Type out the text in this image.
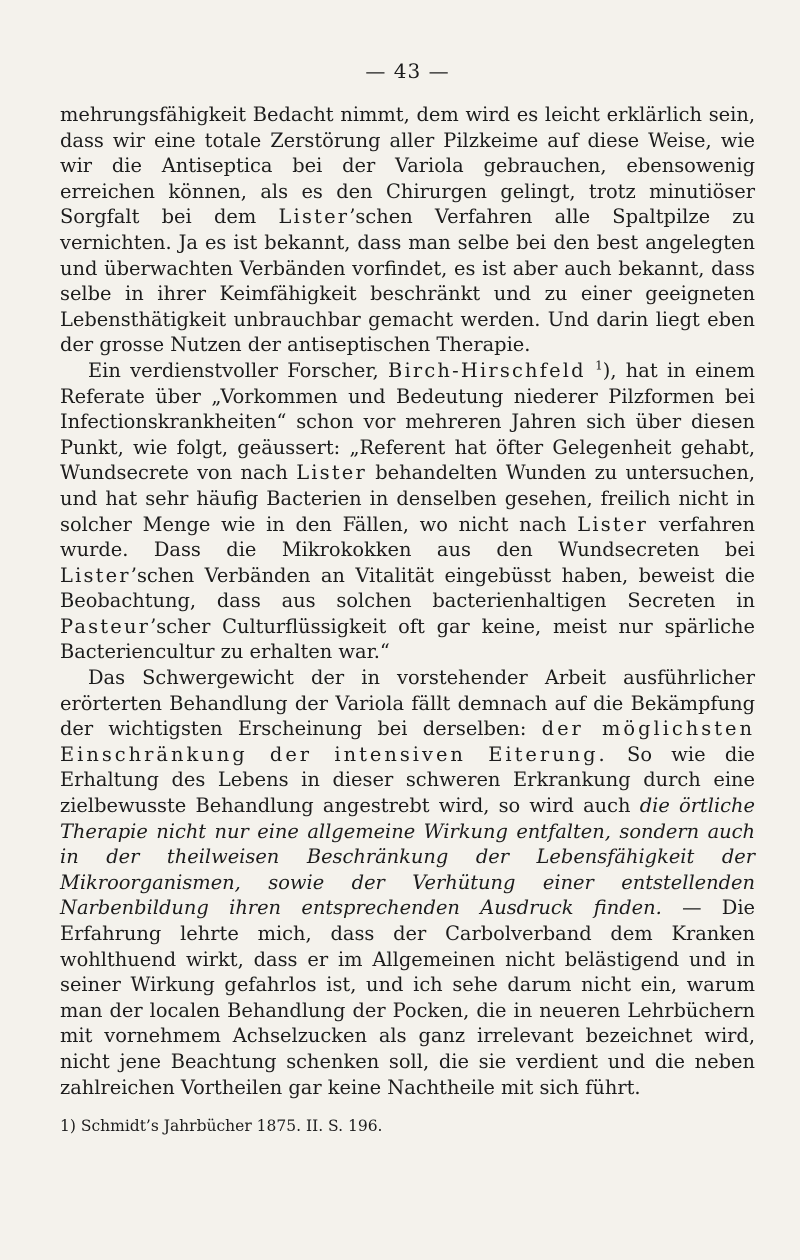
— 43 —

mehrungsfähigkeit Bedacht nimmt, dem wird es leicht erklärlich sein, dass wir eine totale Zerstörung aller Pilzkeime auf diese Weise, wie wir die Antiseptica bei der Variola gebrauchen, ebensowenig erreichen können, als es den Chirurgen gelingt, trotz minutiöser Sorgfalt bei dem Lister’schen Verfahren alle Spaltpilze zu vernichten. Ja es ist bekannt, dass man selbe bei den best angelegten und überwachten Verbänden vorfindet, es ist aber auch bekannt, dass selbe in ihrer Keimfähigkeit beschränkt und zu einer geeigneten Lebensthätigkeit unbrauchbar gemacht werden. Und darin liegt eben der grosse Nutzen der antiseptischen Therapie.

Ein verdienstvoller Forscher, Birch-Hirschfeld $^1$), hat in einem Referate über „Vorkommen und Bedeutung niederer Pilzformen bei Infectionskrankheiten“ schon vor mehreren Jahren sich über diesen Punkt, wie folgt, geäussert: „Referent hat öfter Gelegenheit gehabt, Wundsecrete von nach Lister behandelten Wunden zu untersuchen, und hat sehr häufig Bacterien in denselben gesehen, freilich nicht in solcher Menge wie in den Fällen, wo nicht nach Lister verfahren wurde. Dass die Mikrokokken aus den Wundsecreten bei Lister’schen Verbänden an Vitalität eingebüsst haben, beweist die Beobachtung, dass aus solchen bacterienhaltigen Secreten in Pasteur’scher Culturflüssigkeit oft gar keine, meist nur spärliche Bacteriencultur zu erhalten war.“

Das Schwergewicht der in vorstehender Arbeit ausführlicher erörterten Behandlung der Variola fällt demnach auf die Bekämpfung der wichtigsten Erscheinung bei derselben: der möglichsten Einschränkung der intensiven Eiterung. So wie die Erhaltung des Lebens in dieser schweren Erkrankung durch eine zielbewusste Behandlung angestrebt wird, so wird auch die örtliche Therapie nicht nur eine allgemeine Wirkung entfalten, sondern auch in der theilweisen Beschränkung der Lebensfähigkeit der Mikroorganismen, sowie der Verhütung einer entstellenden Narbenbildung ihren entsprechenden Ausdruck finden. — Die Erfahrung lehrte mich, dass der Carbolverband dem Kranken wohlthuend wirkt, dass er im Allgemeinen nicht belästigend und in seiner Wirkung gefahrlos ist, und ich sehe darum nicht ein, warum man der localen Behandlung der Pocken, die in neueren Lehrbüchern mit vornehmem Achselzucken als ganz irrelevant bezeichnet wird, nicht jene Beachtung schenken soll, die sie verdient und die neben zahlreichen Vortheilen gar keine Nachtheile mit sich führt.

1) Schmidt’s Jahrbücher 1875. II. S. 196.
